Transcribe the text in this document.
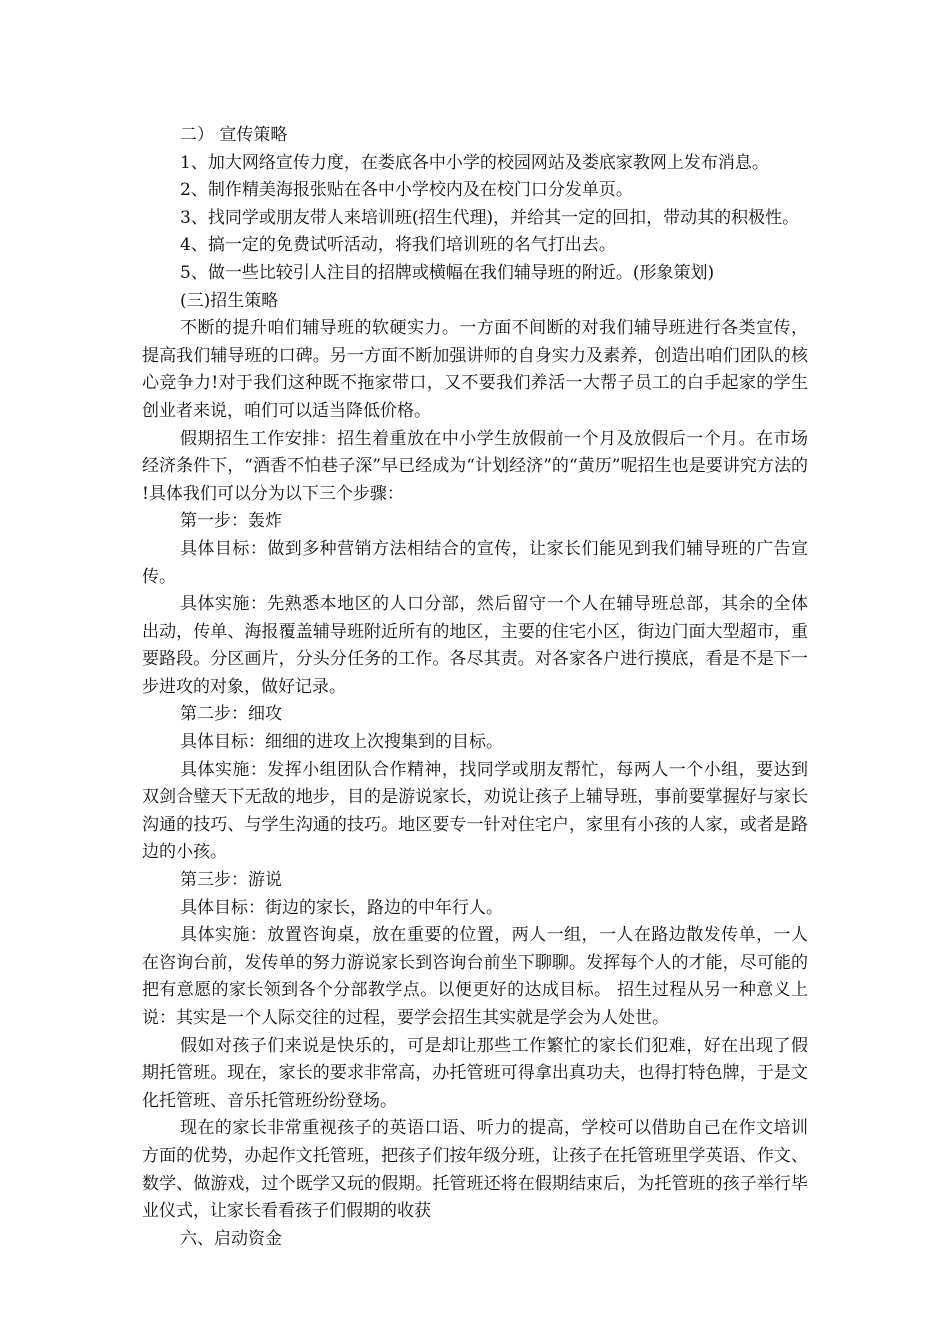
二） 宣传策略

1、加大网络宣传力度，在娄底各中小学的校园网站及娄底家教网上发布消息。

2、制作精美海报张贴在各中小学校内及在校门口分发单页。

3、找同学或朋友带人来培训班(招生代理)，并给其一定的回扣，带动其的积极性。

4、搞一定的免费试听活动，将我们培训班的名气打出去。

5、做一些比较引人注目的招牌或横幅在我们辅导班的附近。(形象策划)

(三)招生策略

不断的提升咱们辅导班的软硬实力。一方面不间断的对我们辅导班进行各类宣传，提高我们辅导班的口碑。另一方面不断加强讲师的自身实力及素养，创造出咱们团队的核心竞争力!对于我们这种既不拖家带口，又不要我们养活一大帮子员工的白手起家的学生创业者来说，咱们可以适当降低价格。

假期招生工作安排：招生着重放在中小学生放假前一个月及放假后一个月。在市场经济条件下，“酒香不怕巷子深”早已经成为“计划经济”的“黄历”呢招生也是要讲究方法的!具体我们可以分为以下三个步骤：

第一步：轰炸

具体目标：做到多种营销方法相结合的宣传，让家长们能见到我们辅导班的广告宣传。

具体实施：先熟悉本地区的人口分部，然后留守一个人在辅导班总部，其余的全体出动，传单、海报覆盖辅导班附近所有的地区，主要的住宅小区，街边门面大型超市，重要路段。分区画片，分头分任务的工作。各尽其责。对各家各户进行摸底，看是不是下一步进攻的对象，做好记录。

第二步：细攻

具体目标：细细的进攻上次搜集到的目标。

具体实施：发挥小组团队合作精神，找同学或朋友帮忙，每两人一个小组，要达到双剑合璧天下无敌的地步，目的是游说家长，劝说让孩子上辅导班，事前要掌握好与家长沟通的技巧、与学生沟通的技巧。地区要专一针对住宅户，家里有小孩的人家，或者是路边的小孩。

第三步：游说

具体目标：街边的家长，路边的中年行人。

具体实施：放置咨询桌，放在重要的位置，两人一组，一人在路边散发传单，一人在咨询台前，发传单的努力游说家长到咨询台前坐下聊聊。发挥每个人的才能，尽可能的把有意愿的家长领到各个分部教学点。以便更好的达成目标。 招生过程从另一种意义上说：其实是一个人际交往的过程，要学会招生其实就是学会为人处世。

假如对孩子们来说是快乐的，可是却让那些工作繁忙的家长们犯难，好在出现了假期托管班。现在，家长的要求非常高，办托管班可得拿出真功夫，也得打特色牌，于是文化托管班、音乐托管班纷纷登场。

现在的家长非常重视孩子的英语口语、听力的提高，学校可以借助自己在作文培训方面的优势，办起作文托管班，把孩子们按年级分班，让孩子在托管班里学英语、作文、数学、做游戏，过个既学又玩的假期。托管班还将在假期结束后，为托管班的孩子举行毕业仪式，让家长看看孩子们假期的收获

六、启动资金
